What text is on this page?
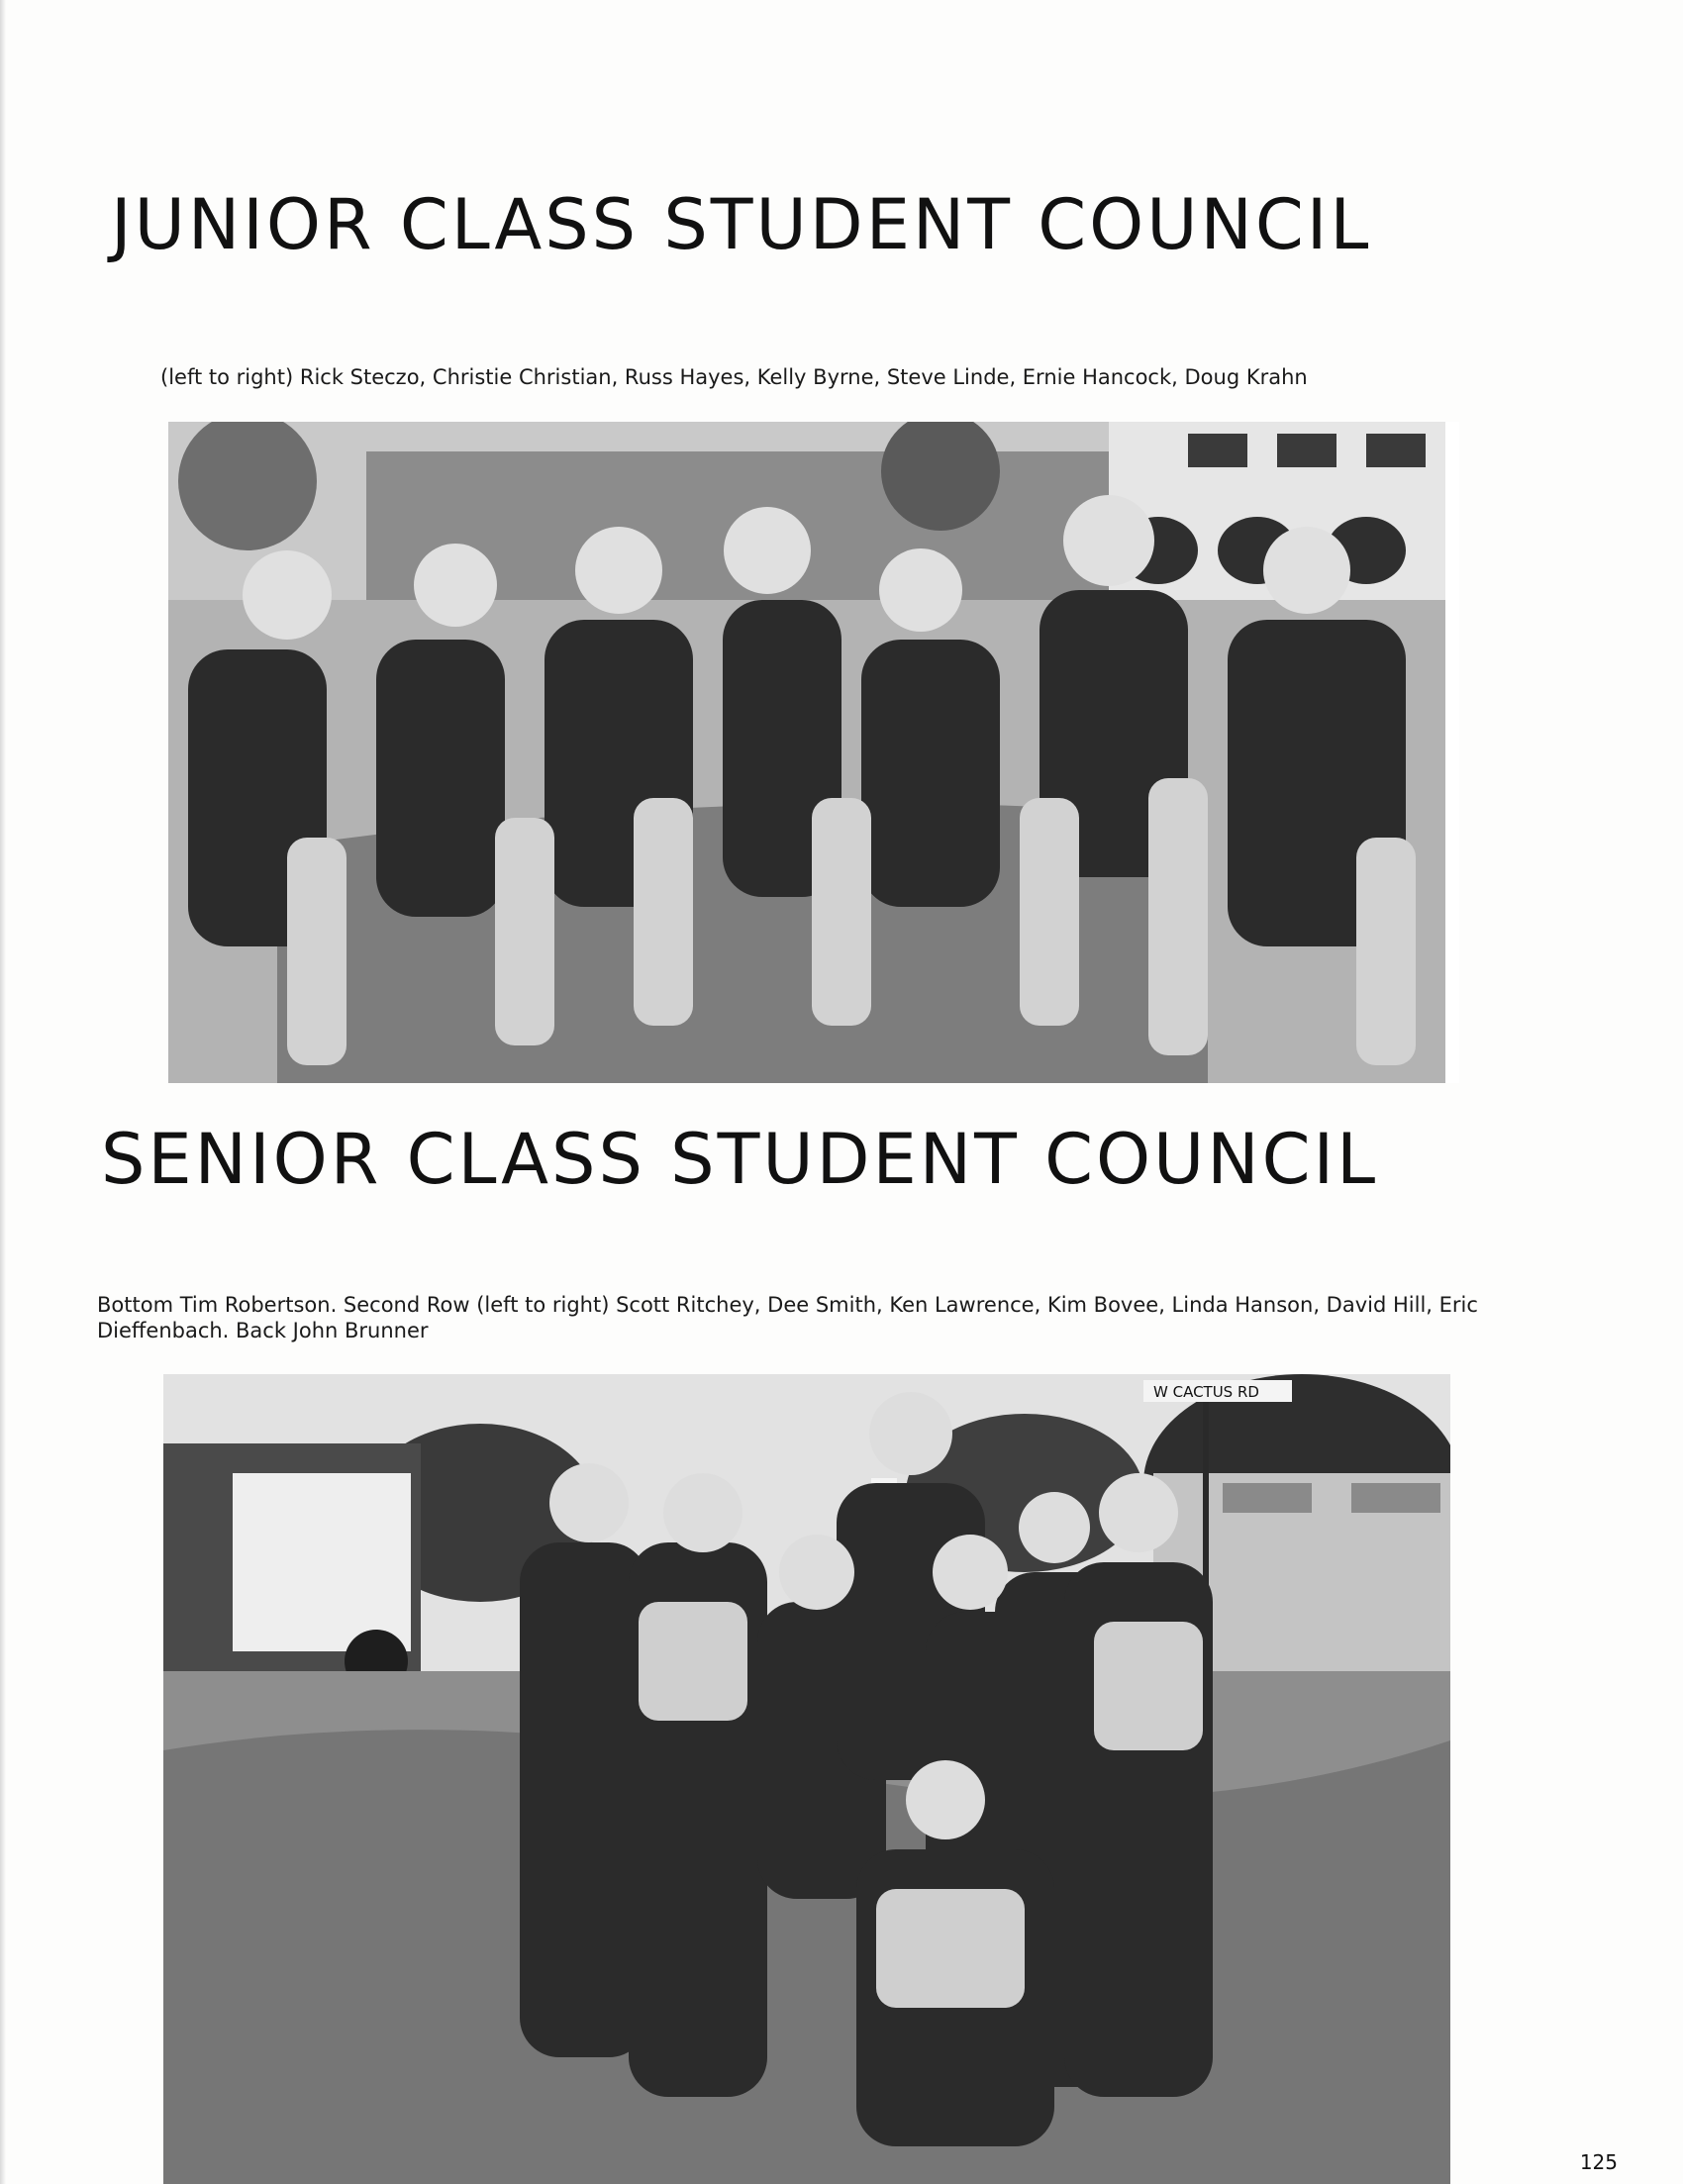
JUNIOR CLASS STUDENT COUNCIL

(left to right) Rick Steczo, Christie Christian, Russ Hayes, Kelly Byrne, Steve Linde, Ernie Hancock, Doug Krahn

SENIOR CLASS STUDENT COUNCIL

Bottom Tim Robertson. Second Row (left to right) Scott Ritchey, Dee Smith, Ken Lawrence, Kim Bovee, Linda Hanson, David Hill, Eric Dieffenbach. Back John Brunner

W CACTUS RD

125
